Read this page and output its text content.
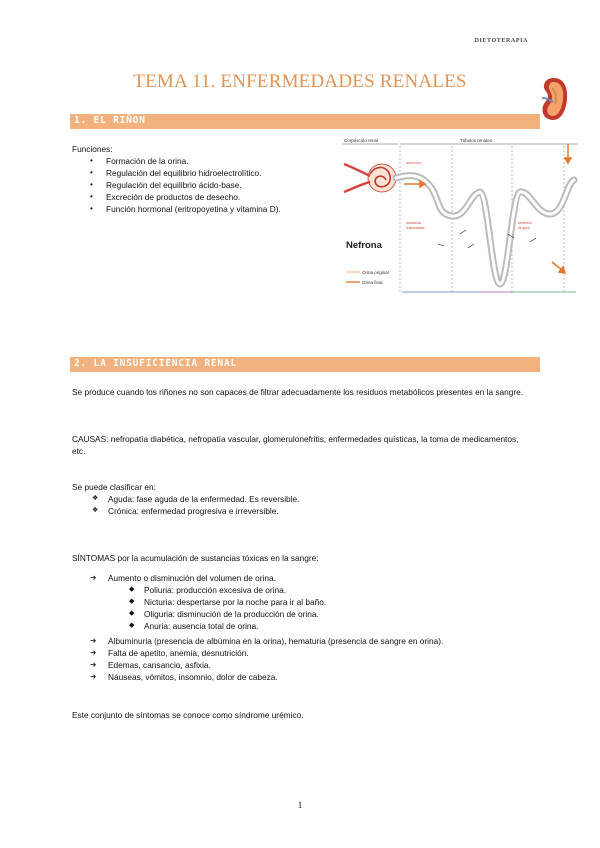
DIETOTERAPIA
TEMA 11. ENFERMEDADES RENALES
1. EL RIÑON
Funciones:
• Formación de la orina.
• Regulación del equilibrio hidroelectrolítico.
• Regulación del equilibrio ácido-base.
• Excreción de productos de desecho.
• Función hormonal (eritropoyetina y vitamina D).
Corpúsculo renal	Túbulos renales
ácido úrico
sustancias
reabsorbidas
secreción
de agua
Nefrona
Orina original
Orina final
2. LA INSUFICIENCIA RENAL
Se produce cuando los riñones no son capaces de filtrar adecuadamente los residuos metabólicos presentes en la sangre.
CAUSAS: nefropatía diabética, nefropatía vascular, glomerulonefritis, enfermedades quísticas, la toma de medicamentos, etc.
Se puede clasificar en:
❖ Aguda: fase aguda de la enfermedad. Es reversible.
❖ Crónica: enfermedad progresiva e irreversible.
SÍNTOMAS por la acumulación de sustancias tóxicas en la sangre:
➔ Aumento o disminución del volumen de orina.
◆ Poliuria: producción excesiva de orina.
◆ Nicturia: despertarse por la noche para ir al baño.
◆ Oliguria: disminución de la producción de orina.
◆ Anuria: ausencia total de orina.
➔ Albuminuria (presencia de albúmina en la orina), hematuria (presencia de sangre en orina).
➔ Falta de apetito, anemia, desnutrición.
➔ Edemas, cansancio, asfixia.
➔ Náuseas, vómitos, insomnio, dolor de cabeza.
Este conjunto de síntomas se conoce como síndrome urémico.
1
